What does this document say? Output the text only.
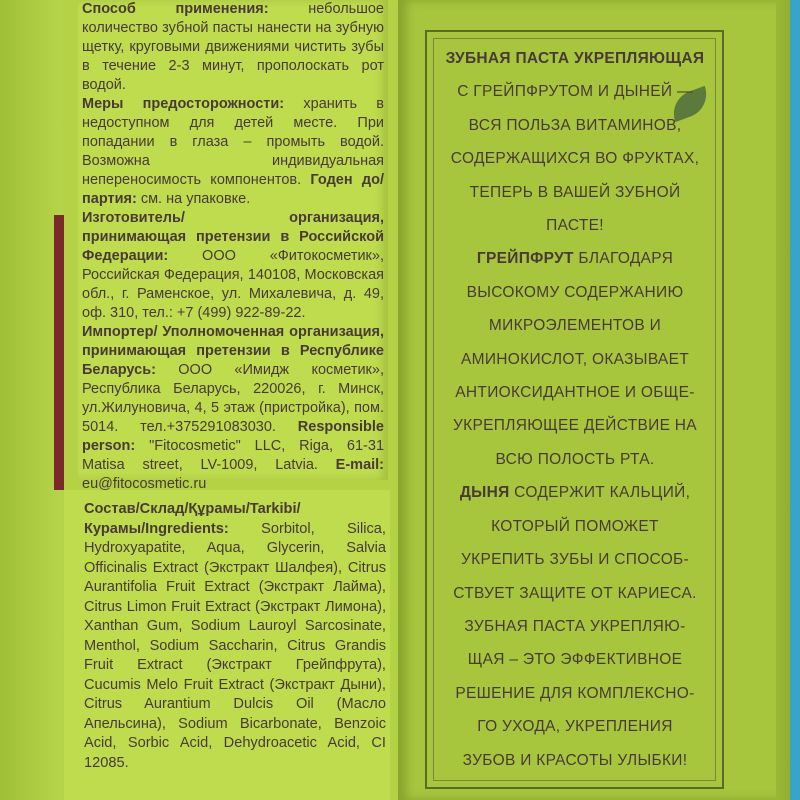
Способ применения:	небольшое количество зубной пасты нанести на зубную щетку, круговыми движениями чистить зубы в течение 2-3 минут, прополоскать рот водой.

Меры предосторожности: хранить в недоступном для детей месте. При попадании в глаза – промыть водой. Возможна индивидуальная непереносимость компонентов. Годен до/партия: см. на упаковке.

Изготовитель/ организация, принимающая претензии в Российской Федерации: ООО «Фитокосметик», Российская Федерация, 140108, Московская обл., г. Раменское, ул. Михалевича, д. 49, оф. 310, тел.: +7 (499) 922-89-22.

Импортер/ Уполномоченная организация, принимающая претензии в Республике Беларусь: ООО «Имидж косметик», Республика Беларусь, 220026, г. Минск, ул.Жилуновича, 4, 5 этаж (пристройка), пом. 5014. тел.+375291083030. Responsible person: "Fitocosmetic" LLC, Riga, 61-31 Matisa street, LV-1009, Latvia. E-mail: eu@fitocosmetic.ru

Состав/Склад/Құрамы/Tarkibi/ Курамы/Ingredients: Sorbitol, Silica, Hydroxyapatite, Aqua, Glycerin, Salvia Officinalis Extract (Экстракт Шалфея), Citrus Aurantifolia Fruit Extract (Экстракт Лайма), Citrus Limon Fruit Extract (Экстракт Лимона), Xanthan Gum, Sodium Lauroyl Sarcosinate, Menthol, Sodium Saccharin, Citrus Grandis Fruit Extract (Экстракт Грейпфрута), Cucumis Melo Fruit Extract (Экстракт Дыни), Citrus Aurantium Dulcis Oil (Масло Апельсина), Sodium Bicarbonate, Benzoic Acid, Sorbic Acid, Dehydroacetic Acid, CI 12085.

ЗУБНАЯ ПАСТА УКРЕПЛЯЮЩАЯ
С ГРЕЙПФРУТОМ И ДЫНЕЙ —
ВСЯ ПОЛЬЗА ВИТАМИНОВ,
СОДЕРЖАЩИХСЯ ВО ФРУКТАХ,
ТЕПЕРЬ В ВАШЕЙ ЗУБНОЙ
ПАСТЕ!
ГРЕЙПФРУТ БЛАГОДАРЯ
ВЫСОКОМУ СОДЕРЖАНИЮ
МИКРОЭЛЕМЕНТОВ И
АМИНОКИСЛОТ, ОКАЗЫВАЕТ
АНТИОКСИДАНТНОЕ И ОБЩЕ-
УКРЕПЛЯЮЩЕЕ ДЕЙСТВИЕ НА
ВСЮ ПОЛОСТЬ РТА.
ДЫНЯ СОДЕРЖИТ КАЛЬЦИЙ,
КОТОРЫЙ ПОМОЖЕТ
УКРЕПИТЬ ЗУБЫ И СПОСОБ-
СТВУЕТ ЗАЩИТЕ ОТ КАРИЕСА.
ЗУБНАЯ ПАСТА УКРЕПЛЯЮ-
ЩАЯ – ЭТО ЭФФЕКТИВНОЕ
РЕШЕНИЕ ДЛЯ КОМПЛЕКСНО-
ГО УХОДА, УКРЕПЛЕНИЯ
ЗУБОВ И КРАСОТЫ УЛЫБКИ!
